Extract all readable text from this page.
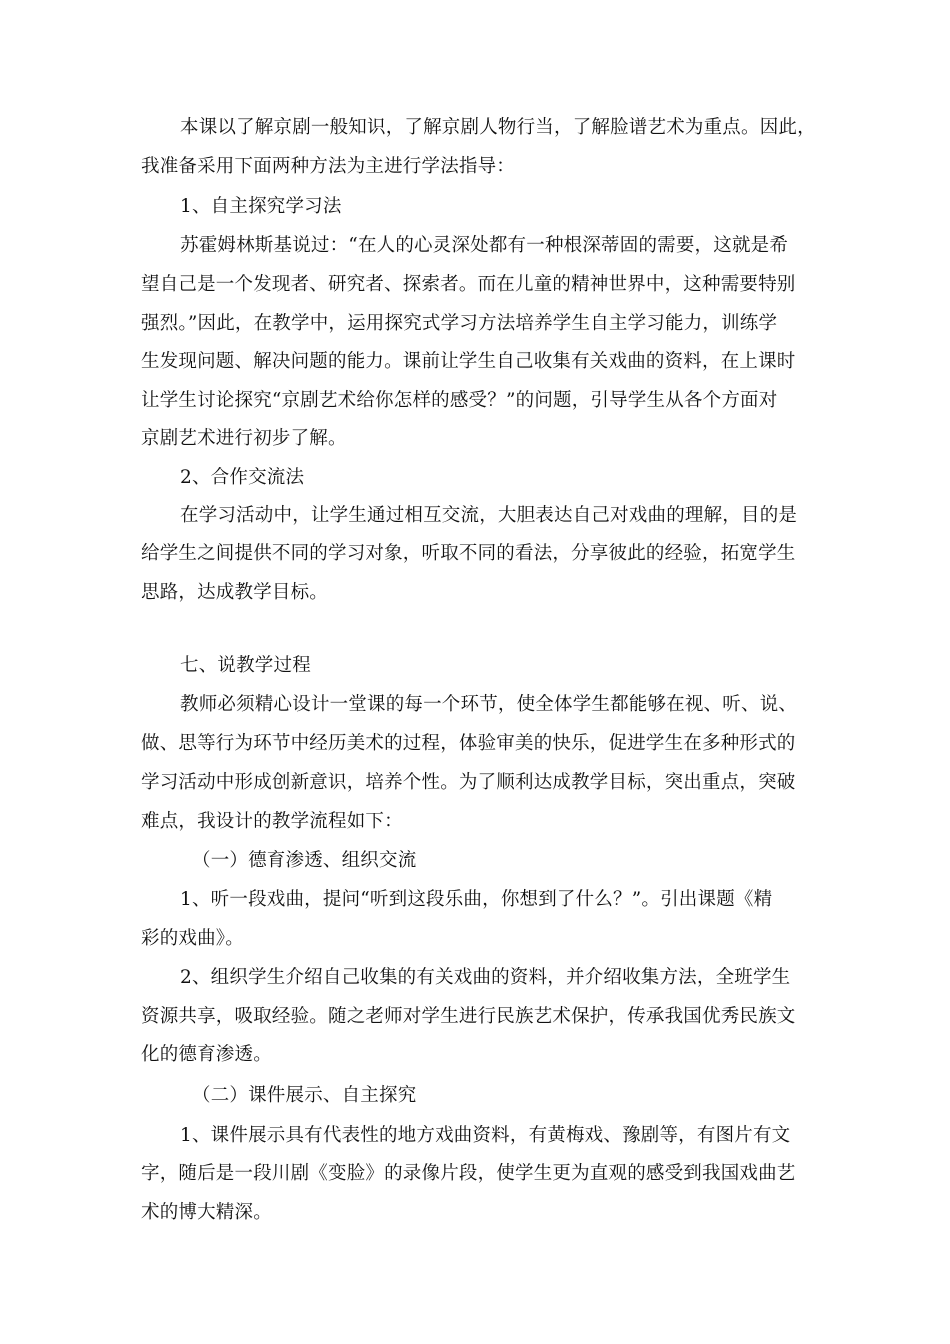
本课以了解京剧一般知识，了解京剧人物行当，了解脸谱艺术为重点。因此，
我准备采用下面两种方法为主进行学法指导：
1、自主探究学习法
苏霍姆林斯基说过：“在人的心灵深处都有一种根深蒂固的需要，这就是希
望自己是一个发现者、研究者、探索者。而在儿童的精神世界中，这种需要特别
强烈。”因此，在教学中，运用探究式学习方法培养学生自主学习能力，训练学
生发现问题、解决问题的能力。课前让学生自己收集有关戏曲的资料，在上课时
让学生讨论探究“京剧艺术给你怎样的感受？”的问题，引导学生从各个方面对
京剧艺术进行初步了解。
2、合作交流法
在学习活动中，让学生通过相互交流，大胆表达自己对戏曲的理解，目的是
给学生之间提供不同的学习对象，听取不同的看法，分享彼此的经验，拓宽学生
思路，达成教学目标。
七、说教学过程
教师必须精心设计一堂课的每一个环节，使全体学生都能够在视、听、说、
做、思等行为环节中经历美术的过程，体验审美的快乐，促进学生在多种形式的
学习活动中形成创新意识，培养个性。为了顺利达成教学目标，突出重点，突破
难点，我设计的教学流程如下：
（一）德育渗透、组织交流
1、听一段戏曲，提问“听到这段乐曲，你想到了什么？”。引出课题《精
彩的戏曲》。
2、组织学生介绍自己收集的有关戏曲的资料，并介绍收集方法，全班学生
资源共享，吸取经验。随之老师对学生进行民族艺术保护，传承我国优秀民族文
化的德育渗透。
（二）课件展示、自主探究
1、课件展示具有代表性的地方戏曲资料，有黄梅戏、豫剧等，有图片有文
字，随后是一段川剧《变脸》的录像片段，使学生更为直观的感受到我国戏曲艺
术的博大精深。
